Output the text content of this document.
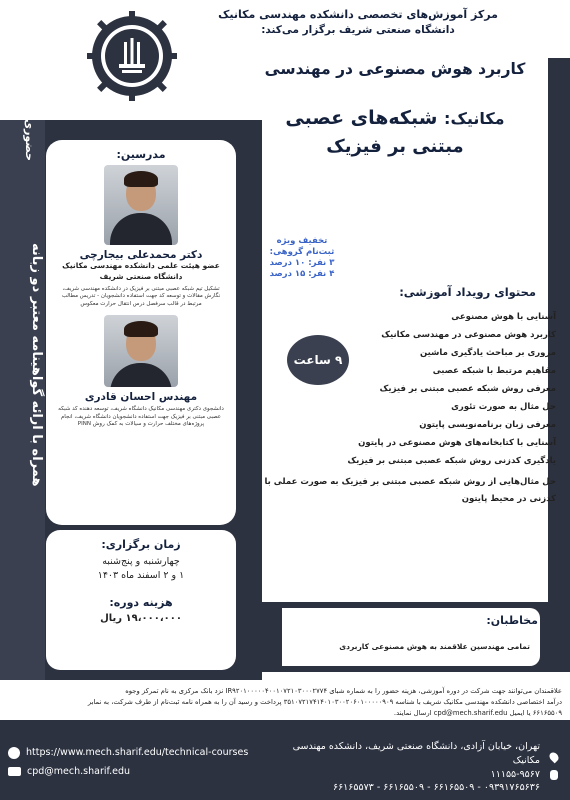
مرکز آموزش‌های تخصصی دانشکده مهندسی مکانیک
دانشگاه صنعتی شریف برگزار می‌کند:
کاربرد هوش مصنوعی در مهندسی
مکانیک: شبکه‌های عصبی
مبتنی بر فیزیک
حضوری
همراه با ارائه گواهینامه معتبر دو زبانه
مدرسین:
دکتر محمدعلی بیجارچی
عضو هیئت علمی دانشکده مهندسی مکانیک
دانشگاه صنعتی شریف
تشکیل تیم شبکه عصبی مبتنی بر فیزیک در دانشکده مهندسی شریف، نگارش مقالات و توسعه کد جهت استفاده دانشجویان - تدریس مطالب مرتبط در قالب سرفصل درس انتقال حرارت معکوس
مهندس احسان قادری
دانشجوی دکتری مهندسی مکانیک دانشگاه شریف، توسعه دهنده کد شبکه عصبی مبتنی بر فیزیک جهت استفاده دانشجویان دانشگاه شریف، انجام پروژه‌های مختلف حرارت و سیالات به کمک روش PINN
زمان برگزاری:
چهارشنبه و پنج‌شنبه
۱ و ۲ اسفند ماه ۱۴۰۳
هزینه دوره:
۱۹،۰۰۰،۰۰۰ ریال
تخفیف ویژه
ثبت‌نام گروهی:
۳ نفر: ۱۰ درصد
۴ نفر: ۱۵ درصد
محتوای رویداد آموزشی:
۹ ساعت
آشنایی با هوش مصنوعی
کاربرد هوش مصنوعی در مهندسی مکانیک
مروری بر مباحث یادگیری ماشین
مفاهیم مرتبط با شبکه عصبی
معرفی روش شبکه عصبی مبتنی بر فیزیک
حل مثال به صورت تئوری
معرفی زبان برنامه‌نویسی پایتون
آشنایی با کتابخانه‌های هوش مصنوعی در پایتون
یادگیری کدزنی روش شبکه عصبی مبتنی بر فیزیک
حل مثال‌هایی از روش شبکه عصبی مبتنی بر فیزیک به صورت عملی با کدزنی در محیط پایتون
مخاطبان:
تمامی مهندسین علاقمند به هوش مصنوعی کاربردی
علاقمندان می‌توانند جهت شرکت در دوره آموزشی، هزینه حضور را به شماره شبای IR۹۲۰۱۰۰۰۰۰۴۰۰۱۰۷۲۱۰۳۰۰۰۲۷۷۴ نزد بانک مرکزی به نام تمرکز وجوه
درآمد اختصاصی دانشکده مهندسی مکانیک شریف با شناسه ۳۵۱۰۷۲۱۷۴۱۴۰۱۰۳۰۰۲۰۶۰۱۰۰۰۰۰۹۰۹ پرداخت و رسید آن را به همراه نامه ثبت‌نام از طرف شرکت، به نمابر
۶۶۱۶۵۵۰۹ یا ایمیل cpd@mech.sharif.edu ارسال نمایند.
تهران، خیابان آزادی، دانشگاه صنعتی شریف، دانشکده مهندسی مکانیک
۱۱۱۵۵-۹۵۶۷
۰۹۳۹۱۷۶۵۶۳۶ - ۶۶۱۶۵۵۰۹ - ۶۶۱۶۵۵۰۹ - ۶۶۱۶۵۵۷۳
https://www.mech.sharif.edu/technical-courses
cpd@mech.sharif.edu
